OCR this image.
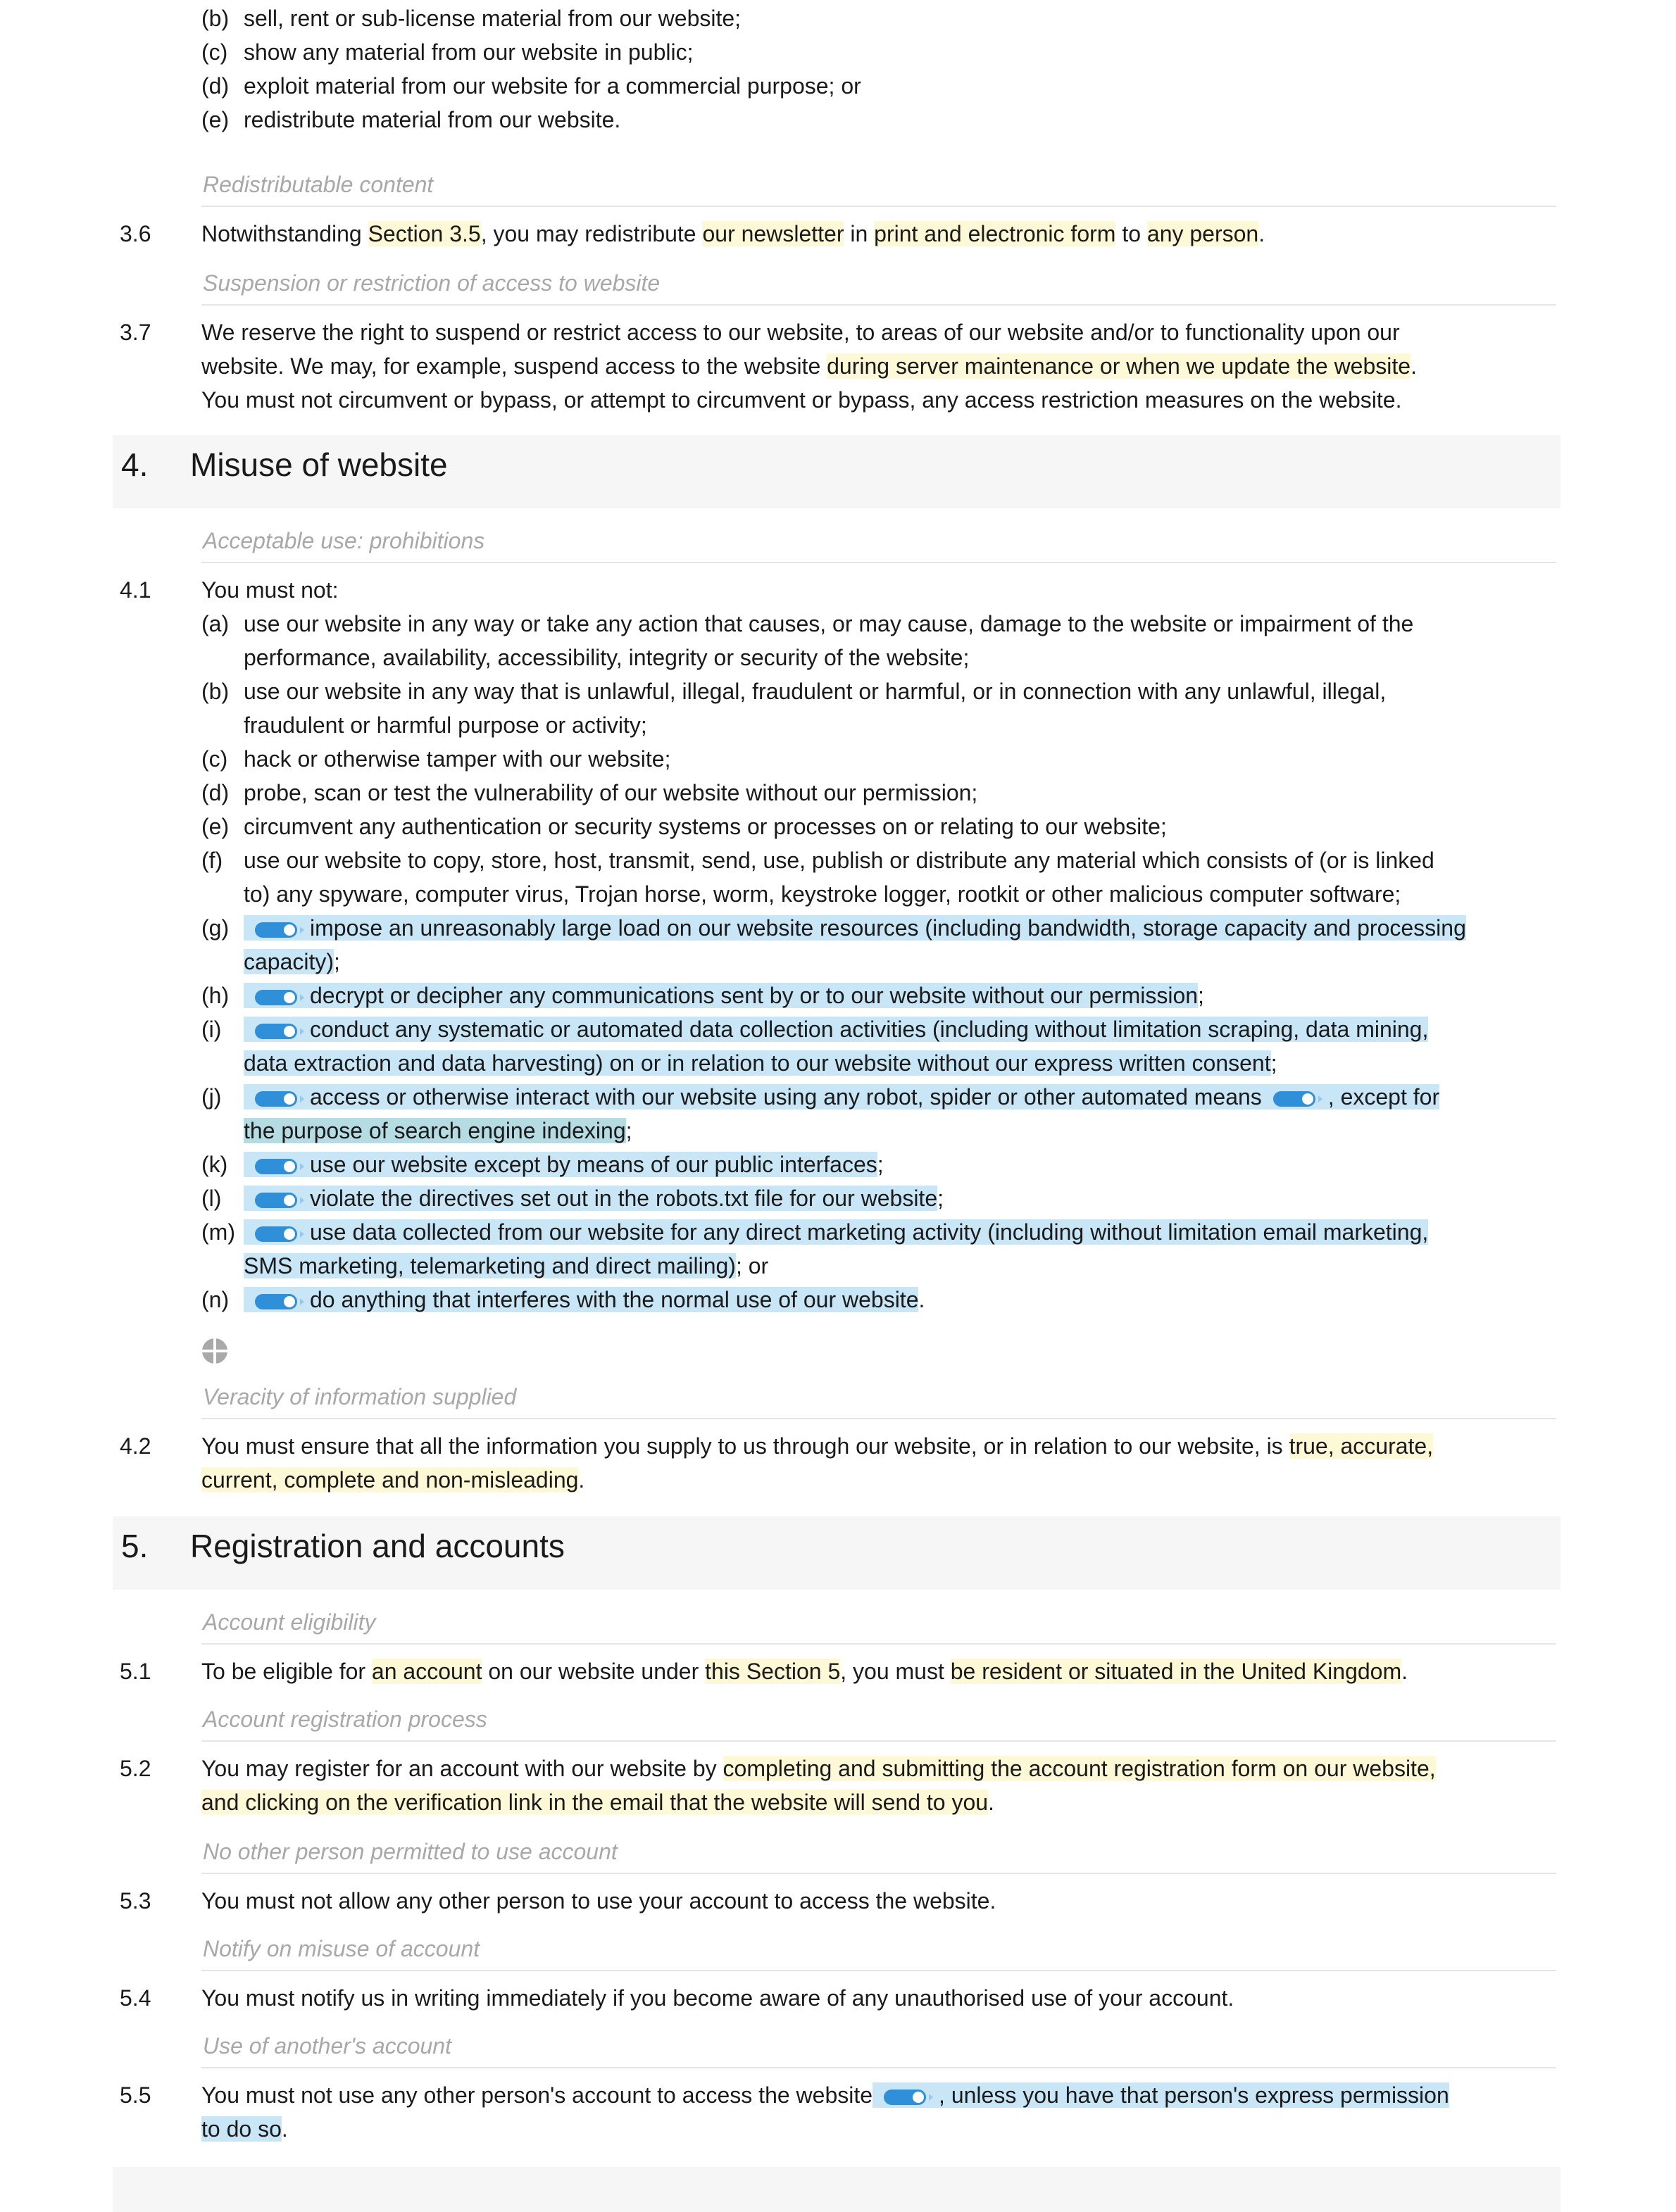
(b) sell, rent or sub-license material from our website;
(c) show any material from our website in public;
(d) exploit material from our website for a commercial purpose; or
(e) redistribute material from our website.
Redistributable content
3.6 Notwithstanding Section 3.5, you may redistribute our newsletter in print and electronic form to any person.
Suspension or restriction of access to website
3.7 We reserve the right to suspend or restrict access to our website, to areas of our website and/or to functionality upon our
website. We may, for example, suspend access to the website during server maintenance or when we update the website.
You must not circumvent or bypass, or attempt to circumvent or bypass, any access restriction measures on the website.
4. Misuse of website
Acceptable use: prohibitions
4.1 You must not:
(a) use our website in any way or take any action that causes, or may cause, damage to the website or impairment of the
performance, availability, accessibility, integrity or security of the website;
(b) use our website in any way that is unlawful, illegal, fraudulent or harmful, or in connection with any unlawful, illegal,
fraudulent or harmful purpose or activity;
(c) hack or otherwise tamper with our website;
(d) probe, scan or test the vulnerability of our website without our permission;
(e) circumvent any authentication or security systems or processes on or relating to our website;
(f) use our website to copy, store, host, transmit, send, use, publish or distribute any material which consists of (or is linked
to) any spyware, computer virus, Trojan horse, worm, keystroke logger, rootkit or other malicious computer software;
(g)	impose an unreasonably large load on our website resources (including bandwidth, storage capacity and processing
capacity);
(h)	decrypt or decipher any communications sent by or to our website without our permission;
(i)	conduct any systematic or automated data collection activities (including without limitation scraping, data mining,
data extraction and data harvesting) on or in relation to our website without our express written consent;
(j)	access or otherwise interact with our website using any robot, spider or other automated means	, except for
the purpose of search engine indexing;
(k)	use our website except by means of our public interfaces;
(l)	violate the directives set out in the robots.txt file for our website;
(m)	use data collected from our website for any direct marketing activity (including without limitation email marketing,
SMS marketing, telemarketing and direct mailing); or
(n)	do anything that interferes with the normal use of our website.
Veracity of information supplied
4.2 You must ensure that all the information you supply to us through our website, or in relation to our website, is true, accurate,
current, complete and non-misleading.
5. Registration and accounts
Account eligibility
5.1 To be eligible for an account on our website under this Section 5, you must be resident or situated in the United Kingdom.
Account registration process
5.2 You may register for an account with our website by completing and submitting the account registration form on our website,
and clicking on the verification link in the email that the website will send to you.
No other person permitted to use account
5.3 You must not allow any other person to use your account to access the website.
Notify on misuse of account
5.4 You must notify us in writing immediately if you become aware of any unauthorised use of your account.
Use of another's account
5.5 You must not use any other person's account to access the website	, unless you have that person's express permission
to do so.
